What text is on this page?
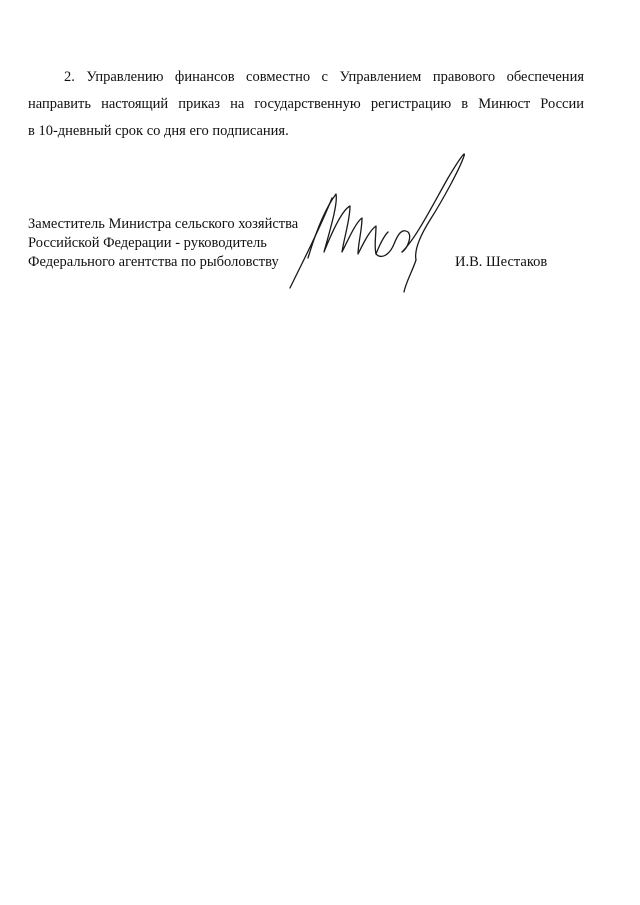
2. Управлению финансов совместно с Управлением правового обеспечения
направить настоящий приказ на государственную регистрацию в Минюст России
в 10-дневный срок со дня его подписания.
Заместитель Министра сельского хозяйства
Российской Федерации - руководитель
Федерального агентства по рыболовству	И.В. Шестаков
